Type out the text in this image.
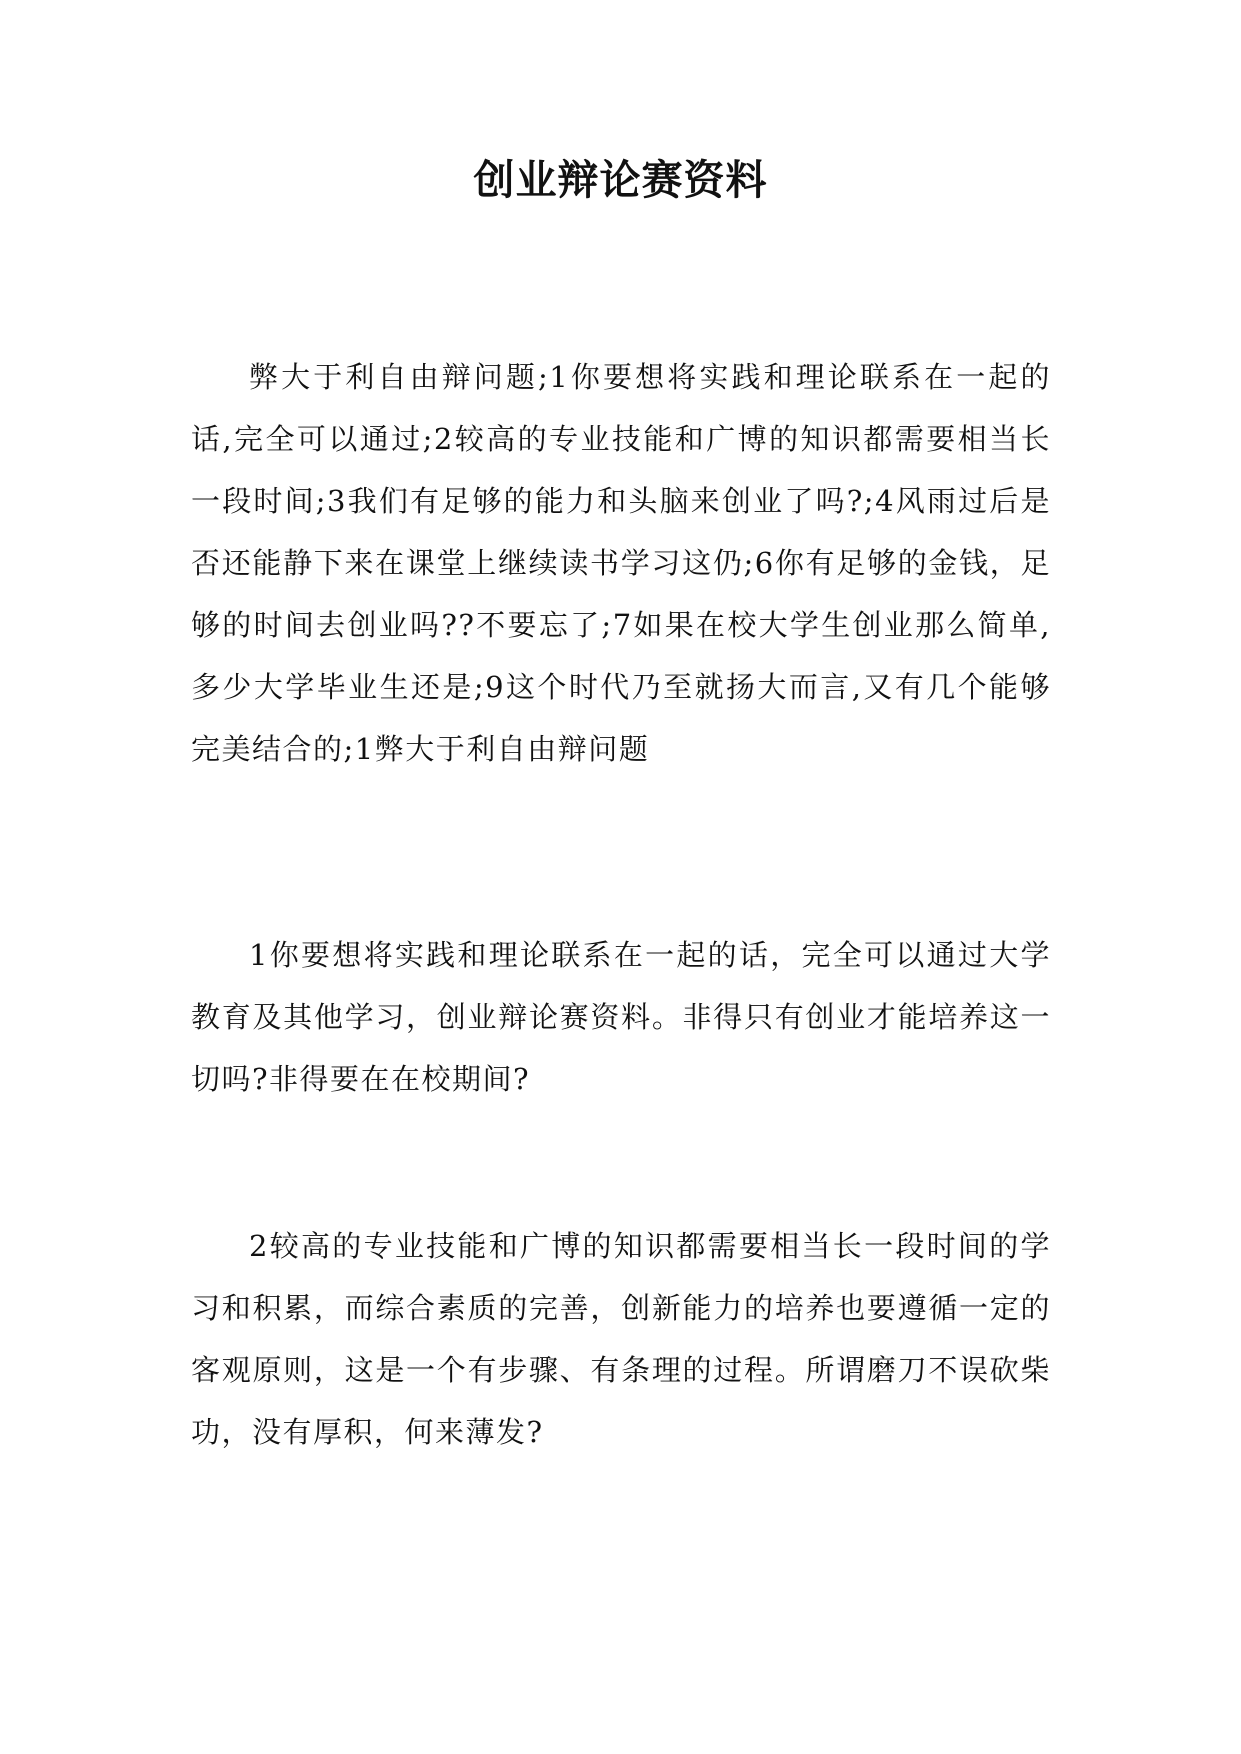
创业辩论赛资料

弊大于利自由辩问题;1你要想将实践和理论联系在一起的话,完全可以通过;2较高的专业技能和广博的知识都需要相当长一段时间;3我们有足够的能力和头脑来创业了吗?;4风雨过后是否还能静下来在课堂上继续读书学习这仍;6你有足够的金钱，足够的时间去创业吗??不要忘了;7如果在校大学生创业那么简单,多少大学毕业生还是;9这个时代乃至就扬大而言,又有几个能够完美结合的;1弊大于利自由辩问题

1你要想将实践和理论联系在一起的话，完全可以通过大学教育及其他学习，创业辩论赛资料。非得只有创业才能培养这一切吗?非得要在在校期间?

2较高的专业技能和广博的知识都需要相当长一段时间的学习和积累，而综合素质的完善，创新能力的培养也要遵循一定的客观原则，这是一个有步骤、有条理的过程。所谓磨刀不误砍柴功，没有厚积，何来薄发?
